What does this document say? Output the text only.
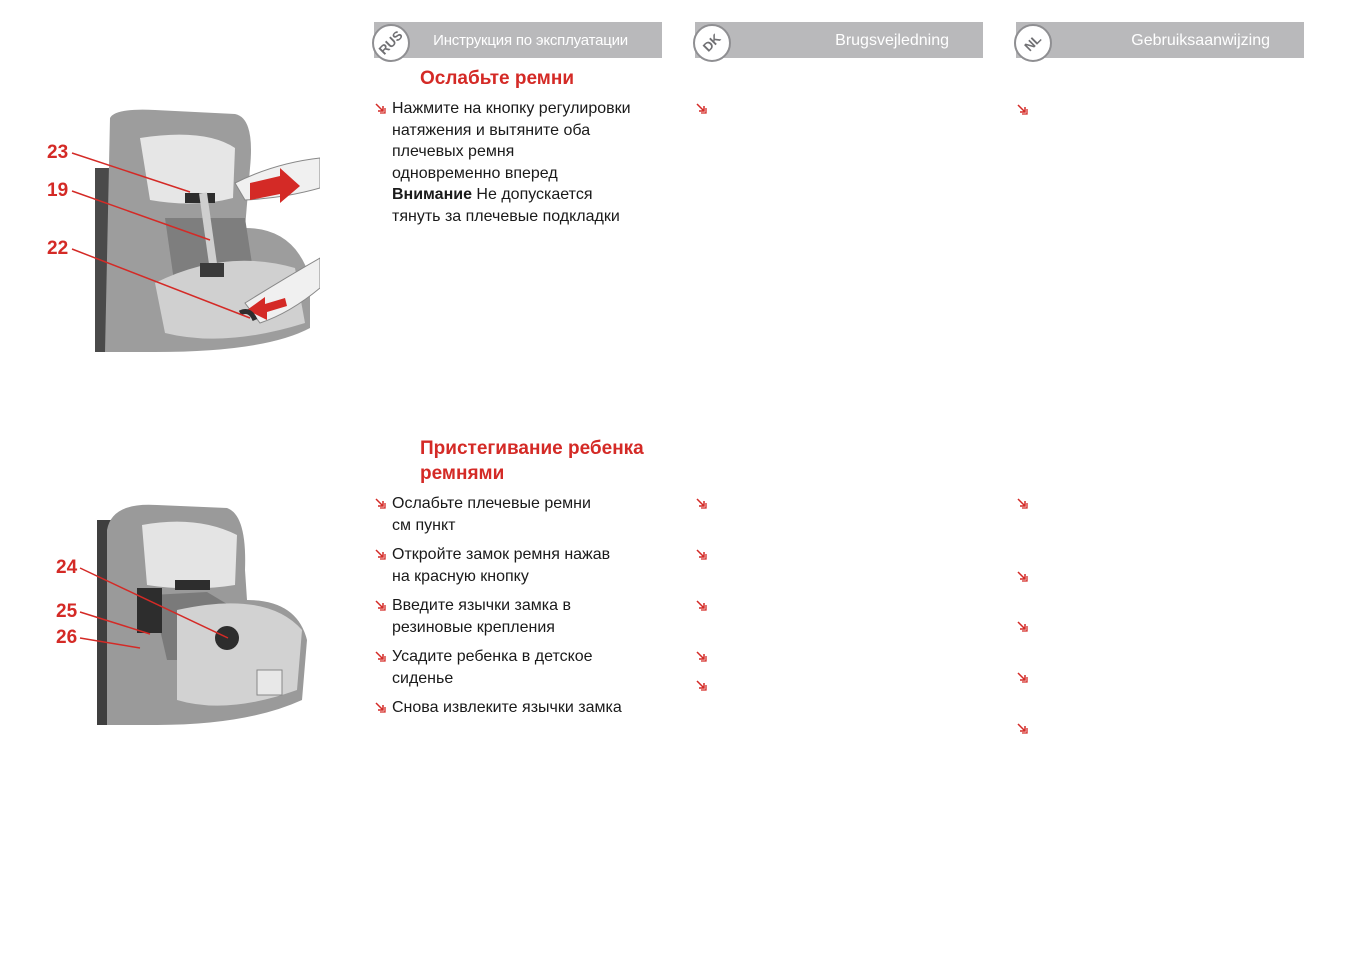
RUS	Инструкция по эксплуатации	DK	Brugsvejledning	NL	Gebruiksaanwijzing
23
19
22
Ослабьте ремни
Нажмите на кнопку регулировки
натяжения и вытяните оба
плечевых ремня
одновременно вперед
Внимание Не допускается
тянуть за плечевые подкладки
24
25
26
Пристегивание ребенка
ремнями
Ослабьте плечевые ремни
см пункт
Откройте замок ремня нажав
на красную кнопку
Введите язычки замка в
резиновые крепления
Усадите ребенка в детское
сиденье
Снова извлеките язычки замка
